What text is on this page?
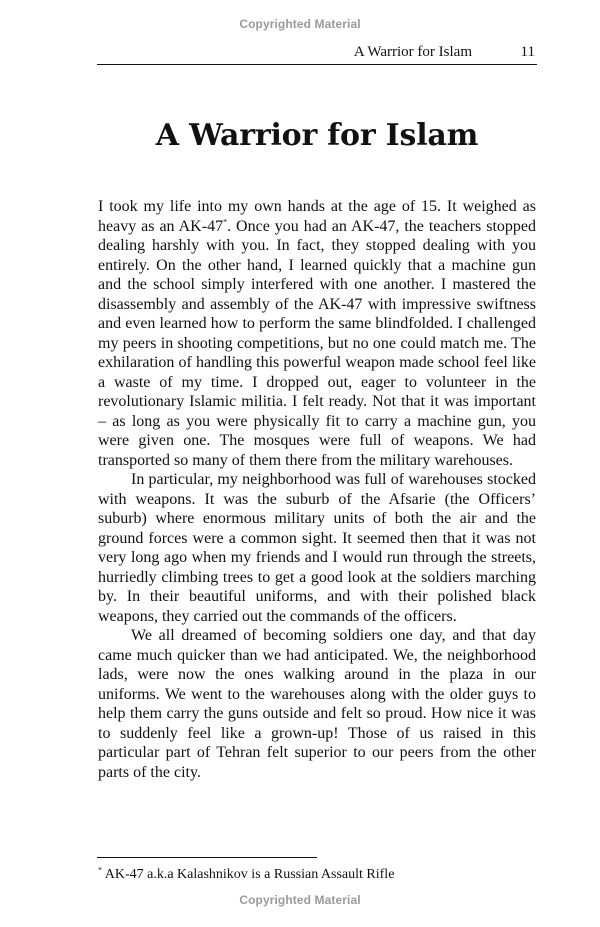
Copyrighted Material
A Warrior for Islam	11
A Warrior for Islam

I took my life into my own hands at the age of 15. It weighed as heavy as an AK-47*. Once you had an AK-47, the teachers stopped dealing harshly with you. In fact, they stopped dealing with you entirely. On the other hand, I learned quickly that a machine gun and the school simply interfered with one another. I mastered the disassembly and assembly of the AK-47 with impressive swiftness and even learned how to perform the same blindfolded. I challenged my peers in shooting competitions, but no one could match me. The exhilaration of handling this powerful weapon made school feel like a waste of my time. I dropped out, eager to volunteer in the revolutionary Islamic militia. I felt ready. Not that it was important – as long as you were physically fit to carry a machine gun, you were given one. The mosques were full of weapons. We had transported so many of them there from the military warehouses.

In particular, my neighborhood was full of warehouses stocked with weapons. It was the suburb of the Afsarie (the Officers’ suburb) where enormous military units of both the air and the ground forces were a common sight. It seemed then that it was not very long ago when my friends and I would run through the streets, hurriedly climbing trees to get a good look at the soldiers marching by. In their beautiful uniforms, and with their polished black weapons, they carried out the commands of the officers.

We all dreamed of becoming soldiers one day, and that day came much quicker than we had anticipated. We, the neighborhood lads, were now the ones walking around in the plaza in our uniforms. We went to the warehouses along with the older guys to help them carry the guns outside and felt so proud. How nice it was to suddenly feel like a grown-up! Those of us raised in this particular part of Tehran felt superior to our peers from the other parts of the city.

* AK-47 a.k.a Kalashnikov is a Russian Assault Rifle
Copyrighted Material
